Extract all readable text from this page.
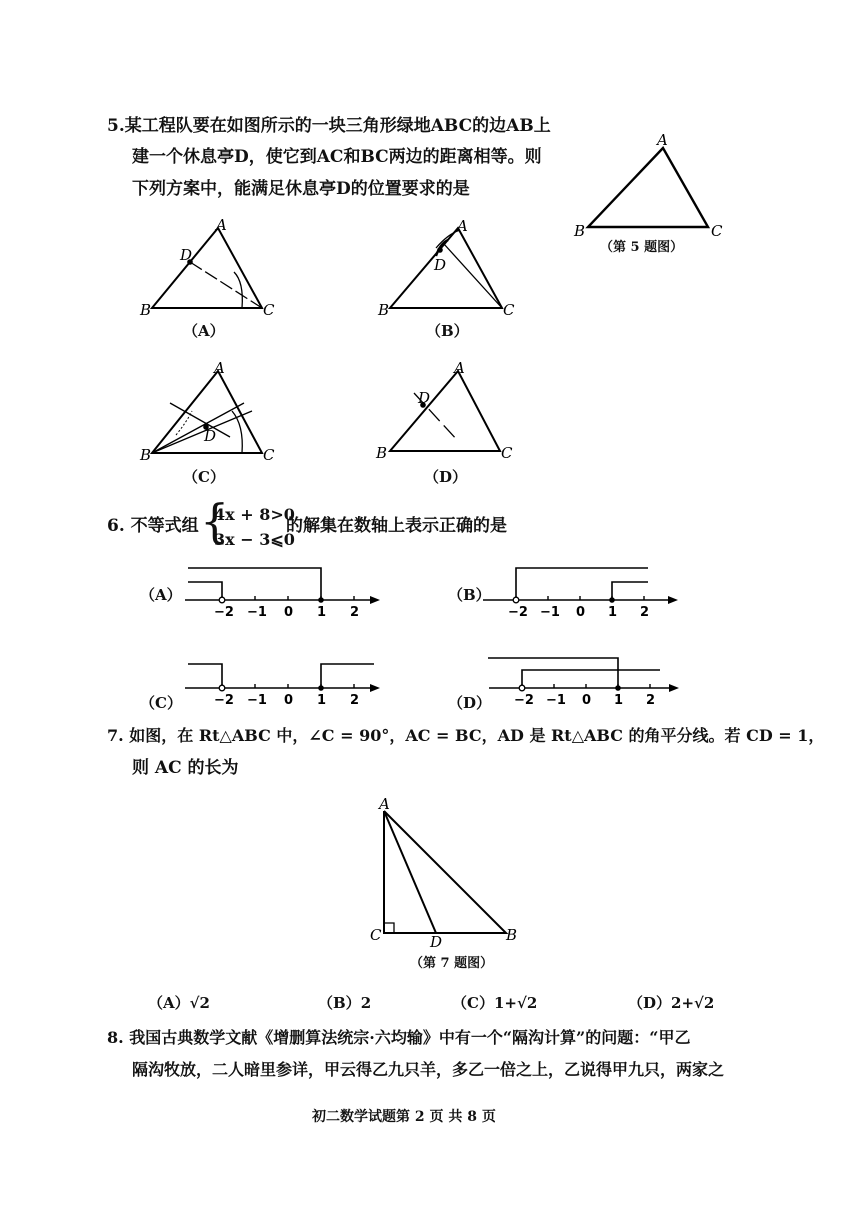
5.某工程队要在如图所示的一块三角形绿地ABC的边AB上
建一个休息亭D，使它到AC和BC两边的距离相等。则
下列方案中，能满足休息亭D的位置要求的是
A
B	C
（第 5 题图）
A
D
B	C
（A）
A
D
B	C
（B）
A
D
B	C
（C）
A
D
B	C
（D）
6. 不等式组 {
4x + 8>0
3x − 3⩽0
的解集在数轴上表示正确的是
（A）
−2 −1 0 1 2
（B）
−2 −1 0 1 2
（C） −2 −1 0 1 2	（D） −2 −1 0 1 2
7. 如图，在 Rt△ABC 中，∠C = 90°，AC = BC，AD 是 Rt△ABC 的角平分线。若 CD = 1，
则 AC 的长为
A
C	D	B
（第 7 题图）
（A）√2	（B）2	（C）1+√2	（D）2+√2
8. 我国古典数学文献《增删算法统宗·六均输》中有一个“隔沟计算”的问题：“甲乙
隔沟牧放，二人暗里参详，甲云得乙九只羊，多乙一倍之上，乙说得甲九只，两家之
初二数学试题第 2 页 共 8 页
